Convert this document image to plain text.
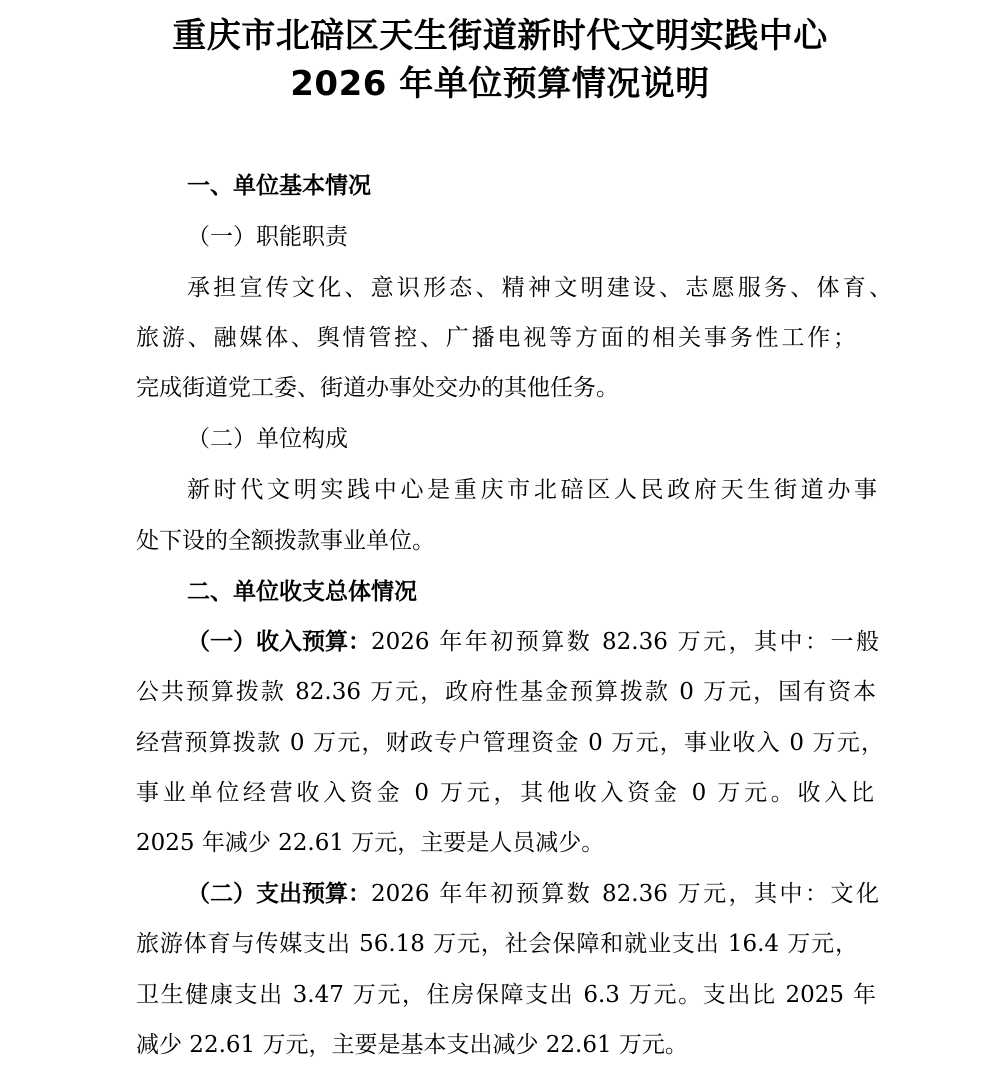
重庆市北碚区天生街道新时代文明实践中心
2026 年单位预算情况说明

一、单位基本情况

（一）职能职责

承担宣传文化、意识形态、精神文明建设、志愿服务、体育、

旅游、融媒体、舆情管控、广播电视等方面的相关事务性工作；

完成街道党工委、街道办事处交办的其他任务。

（二）单位构成

新时代文明实践中心是重庆市北碚区人民政府天生街道办事

处下设的全额拨款事业单位。

二、单位收支总体情况

（一）收入预算： 2026 年年初预算数 82.36 万元，其中：一般

公共预算拨款 82.36 万元，政府性基金预算拨款 0 万元，国有资本

经营预算拨款 0 万元，财政专户管理资金 0 万元，事业收入 0 万元，

事业单位经营收入资金 0 万元，其他收入资金 0 万元。收入比

2025 年减少 22.61 万元，主要是人员减少。

（二）支出预算： 2026 年年初预算数 82.36 万元，其中：文化

旅游体育与传媒支出 56.18 万元，社会保障和就业支出 16.4 万元，

卫生健康支出 3.47 万元，住房保障支出 6.3 万元。支出比 2025 年

减少 22.61 万元，主要是基本支出减少 22.61 万元。
